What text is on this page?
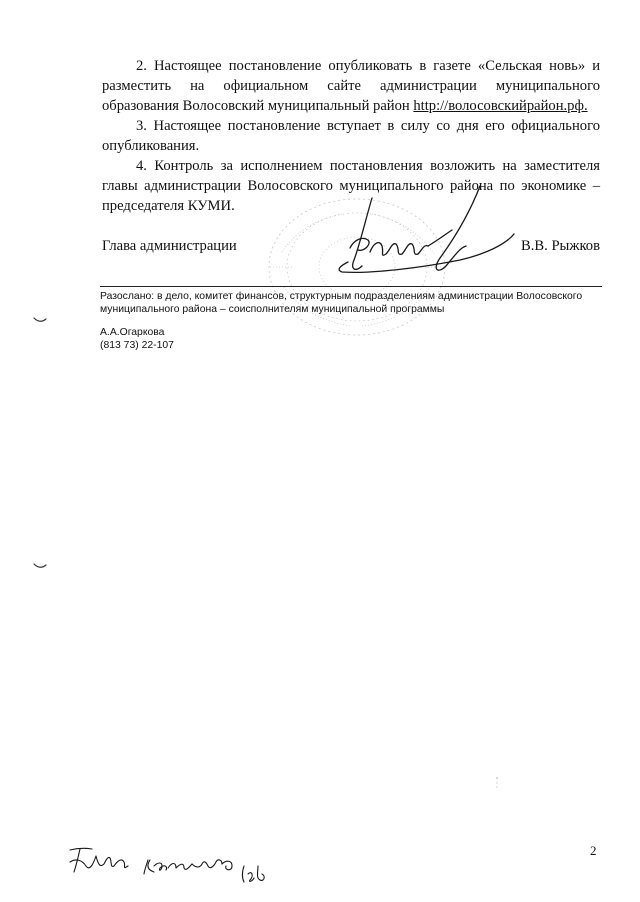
2. Настоящее постановление опубликовать в газете «Сельская новь» и разместить на официальном сайте администрации муниципального образования Волосовский муниципальный район http://волосовскийрайон.рф.

3. Настоящее постановление вступает в силу со дня его официального опубликования.

4. Контроль за исполнением постановления возложить на заместителя главы администрации Волосовского муниципального района по экономике – председателя КУМИ.

Глава администрации	В.В. Рыжков
Разослано: в дело, комитет финансов, структурным подразделениям администрации Волосовского муниципального района – соисполнителям муниципальной программы
А.А.Огаркова
(813 73) 22-107
2
